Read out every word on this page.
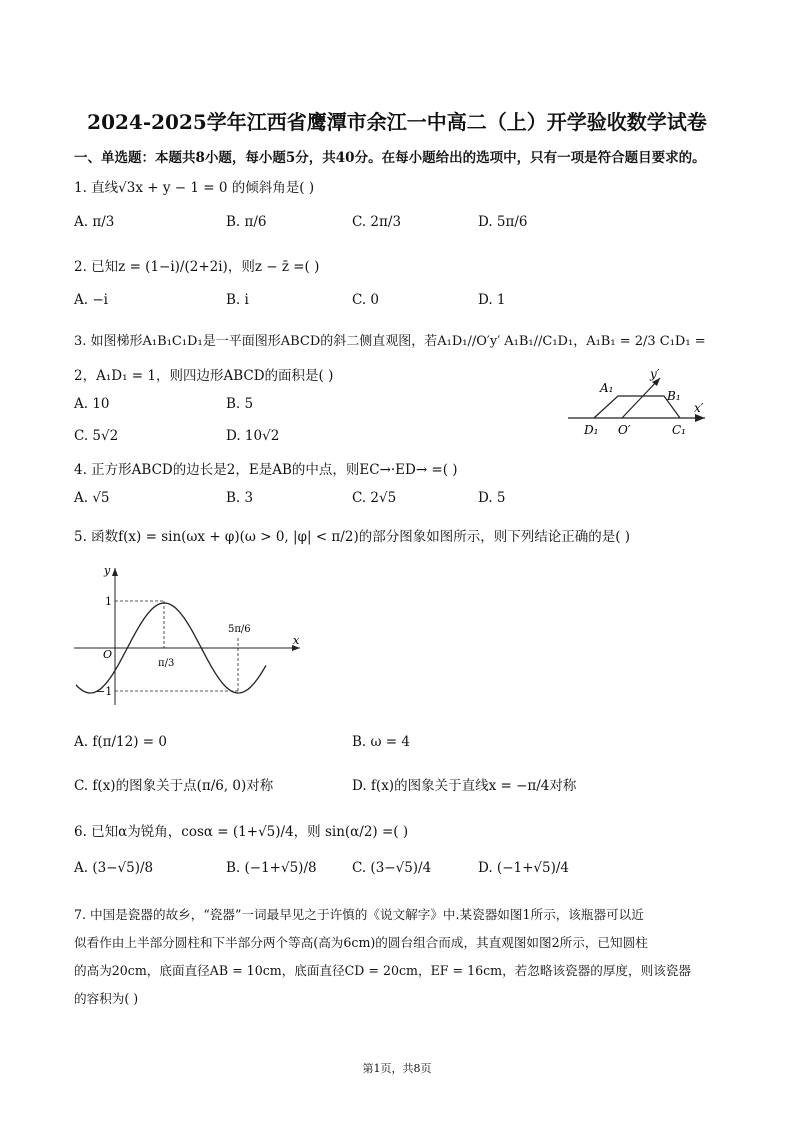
2024-2025学年江西省鹰潭市余江一中高二（上）开学验收数学试卷
一、单选题：本题共8小题，每小题5分，共40分。在每小题给出的选项中，只有一项是符合题目要求的。
1. 直线√3x + y − 1 = 0 的倾斜角是( )
A. π/3	B. π/6	C. 2π/3	D. 5π/6
2. 已知z = (1−i)/(2+2i)，则z − z̄ =( )
A. −i	B. i	C. 0	D. 1
3. 如图梯形A₁B₁C₁D₁是一平面图形ABCD的斜二侧直观图，若A₁D₁//O′y′ A₁B₁//C₁D₁，A₁B₁ = 2/3 C₁D₁ =
2，A₁D₁ = 1，则四边形ABCD的面积是( )
A. 10	B. 5
C. 5√2	D. 10√2
A₁
B₁
C₁
D₁ O′
x′
y′
4. 正方形ABCD的边长是2，E是AB的中点，则EC→·ED→ =( )
A. √5	B. 3	C. 2√5	D. 5
5. 函数f(x) = sin(ωx + φ)(ω > 0, |φ| < π/2)的部分图象如图所示，则下列结论正确的是( )
y
x
O
1
−1
π/3
5π/6
A. f(π/12) = 0	B. ω = 4
C. f(x)的图象关于点(π/6, 0)对称	D. f(x)的图象关于直线x = −π/4对称
6. 已知α为锐角，cosα = (1+√5)/4，则 sin(α/2) =( )
A. (3−√5)/8	B. (−1+√5)/8	C. (3−√5)/4	D. (−1+√5)/4
7. 中国是瓷器的故乡，“瓷器”一词最早见之于许慎的《说文解字》中.某瓷器如图1所示，该瓶器可以近
似看作由上半部分圆柱和下半部分两个等高(高为6cm)的圆台组合而成，其直观图如图2所示，已知圆柱
的高为20cm，底面直径AB = 10cm，底面直径CD = 20cm，EF = 16cm，若忽略该瓷器的厚度，则该瓷器
的容积为( )
第1页，共8页
